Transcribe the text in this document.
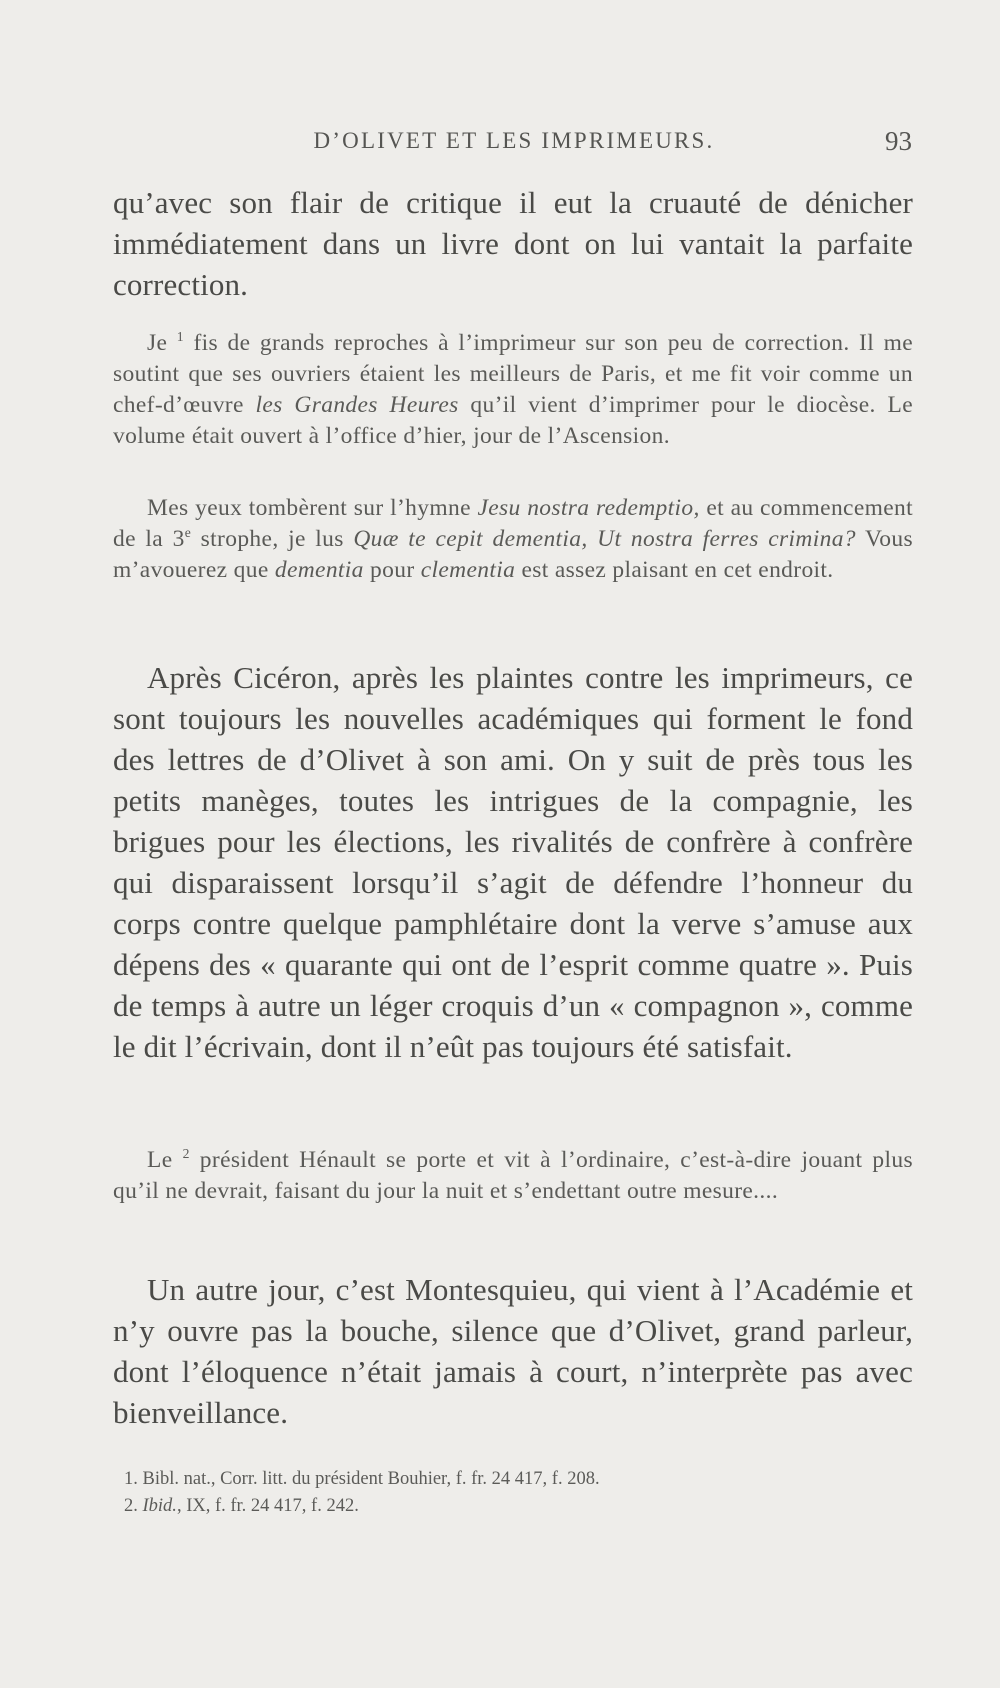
D’OLIVET ET LES IMPRIMEURS.	93

qu’avec son flair de critique il eut la cruauté de dénicher immédiatement dans un livre dont on lui vantait la parfaite correction.

Je $^1$ fis de grands reproches à l’imprimeur sur son peu de correction. Il me soutint que ses ouvriers étaient les meilleurs de Paris, et me fit voir comme un chef-d’œuvre les Grandes Heures qu’il vient d’imprimer pour le diocèse. Le volume était ouvert à l’office d’hier, jour de l’Ascension.

Mes yeux tombèrent sur l’hymne Jesu nostra redemptio, et au commencement de la 3e strophe, je lus Quæ te cepit dementia, Ut nostra ferres crimina? Vous m’avouerez que dementia pour clementia est assez plaisant en cet endroit.

Après Cicéron, après les plaintes contre les imprimeurs, ce sont toujours les nouvelles académiques qui forment le fond des lettres de d’Olivet à son ami. On y suit de près tous les petits manèges, toutes les intrigues de la compagnie, les brigues pour les élections, les rivalités de confrère à confrère qui disparaissent lorsqu’il s’agit de défendre l’honneur du corps contre quelque pamphlétaire dont la verve s’amuse aux dépens des « quarante qui ont de l’esprit comme quatre ». Puis de temps à autre un léger croquis d’un « compagnon », comme le dit l’écrivain, dont il n’eût pas toujours été satisfait.

Le $^2$ président Hénault se porte et vit à l’ordinaire, c’est-à-dire jouant plus qu’il ne devrait, faisant du jour la nuit et s’endettant outre mesure....

Un autre jour, c’est Montesquieu, qui vient à l’Académie et n’y ouvre pas la bouche, silence que d’Olivet, grand parleur, dont l’éloquence n’était jamais à court, n’interprète pas avec bienveillance.

1. Bibl. nat., Corr. litt. du président Bouhier, f. fr. 24 417, f. 208.
2. Ibid., IX, f. fr. 24 417, f. 242.
